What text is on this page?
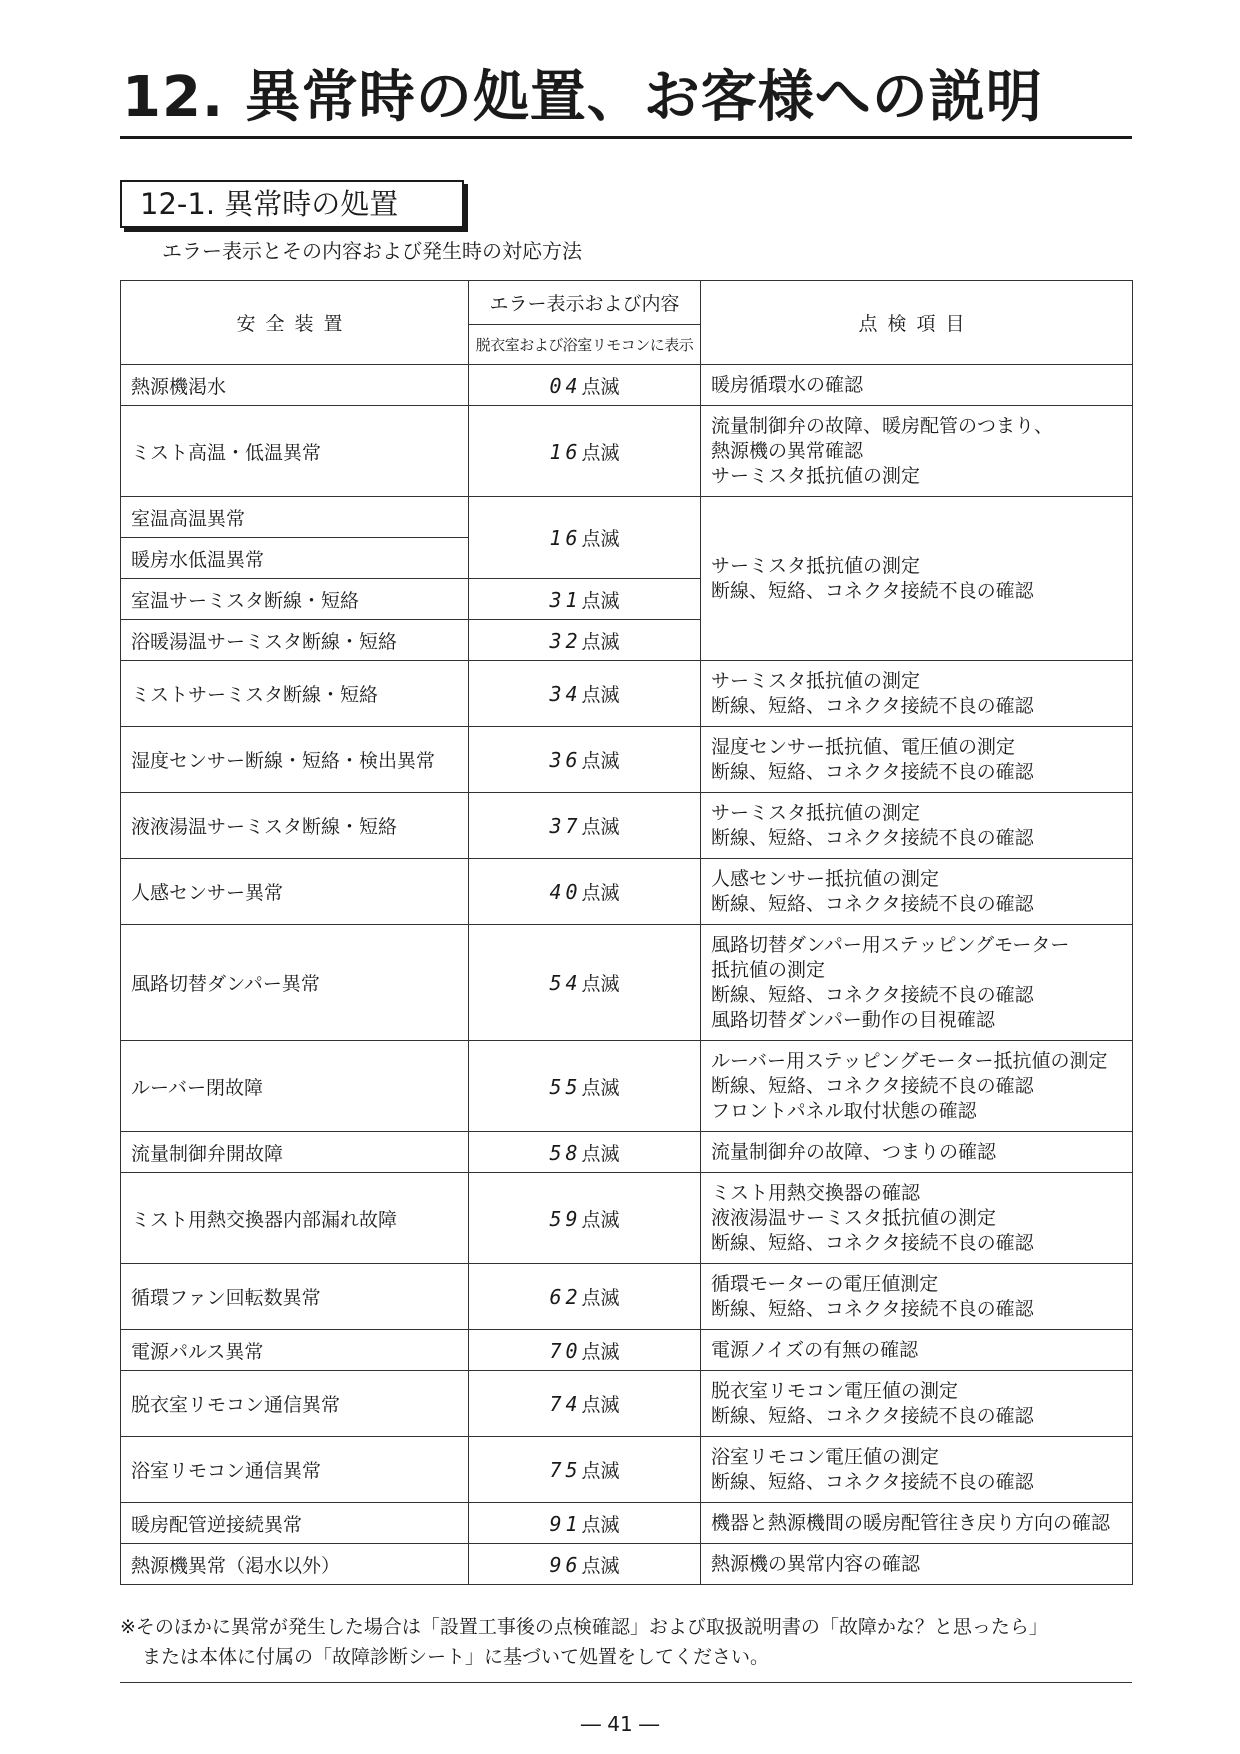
12. 異常時の処置、お客様への説明
12-1. 異常時の処置
エラー表示とその内容および発生時の対応方法
安全装置	エラー表示および内容	点検項目
	脱衣室および浴室リモコンに表示	
熱源機渇水	04点滅	暖房循環水の確認

ミスト高温・低温異常	16点滅	流量制御弁の故障、暖房配管のつまり、
熱源機の異常確認
サーミスタ抵抗値の測定

室温高温異常	16点滅	サーミスタ抵抗値の測定
断線、短絡、コネクタ接続不良の確認

暖房水低温異常		
室温サーミスタ断線・短絡	31点滅	
浴暖湯温サーミスタ断線・短絡	32点滅	
ミストサーミスタ断線・短絡	34点滅	サーミスタ抵抗値の測定
断線、短絡、コネクタ接続不良の確認

湿度センサー断線・短絡・検出異常	36点滅	湿度センサー抵抗値、電圧値の測定
断線、短絡、コネクタ接続不良の確認

液液湯温サーミスタ断線・短絡	37点滅	サーミスタ抵抗値の測定
断線、短絡、コネクタ接続不良の確認

人感センサー異常	40点滅	人感センサー抵抗値の測定
断線、短絡、コネクタ接続不良の確認

風路切替ダンパー異常	54点滅	風路切替ダンパー用ステッピングモーター
抵抗値の測定
断線、短絡、コネクタ接続不良の確認
風路切替ダンパー動作の目視確認

ルーバー閉故障	55点滅	ルーバー用ステッピングモーター抵抗値の測定
断線、短絡、コネクタ接続不良の確認
フロントパネル取付状態の確認

流量制御弁開故障	58点滅	流量制御弁の故障、つまりの確認

ミスト用熱交換器内部漏れ故障	59点滅	ミスト用熱交換器の確認
液液湯温サーミスタ抵抗値の測定
断線、短絡、コネクタ接続不良の確認

循環ファン回転数異常	62点滅	循環モーターの電圧値測定
断線、短絡、コネクタ接続不良の確認

電源パルス異常	70点滅	電源ノイズの有無の確認

脱衣室リモコン通信異常	74点滅	脱衣室リモコン電圧値の測定
断線、短絡、コネクタ接続不良の確認

浴室リモコン通信異常	75点滅	浴室リモコン電圧値の測定
断線、短絡、コネクタ接続不良の確認

暖房配管逆接続異常	91点滅	機器と熱源機間の暖房配管往き戻り方向の確認

熱源機異常（渇水以外）	96点滅	熱源機の異常内容の確認
※そのほかに異常が発生した場合は「設置工事後の点検確認」および取扱説明書の「故障かな？と思ったら」
または本体に付属の「故障診断シート」に基づいて処置をしてください。
― 41 ―
